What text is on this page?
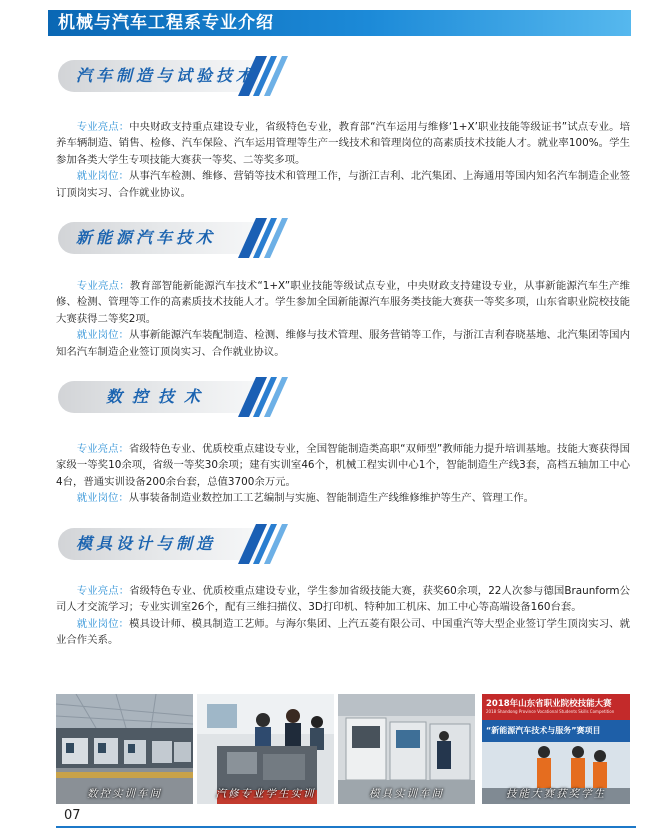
机械与汽车工程系专业介绍
汽车制造与试验技术

专业亮点：中央财政支持重点建设专业，省级特色专业，教育部“汽车运用与维修‘1+X’职业技能等级证书”试点专业。培养车辆制造、销售、检修、汽车保险、汽车运用管理等生产一线技术和管理岗位的高素质技术技能人才。就业率100%。学生参加各类大学生专项技能大赛获一等奖、二等奖多项。

就业岗位：从事汽车检测、维修、营销等技术和管理工作，与浙江吉利、北汽集团、上海通用等国内知名汽车制造企业签订顶岗实习、合作就业协议。

新能源汽车技术

专业亮点：教育部智能新能源汽车技术“1+X”职业技能等级试点专业，中央财政支持建设专业，从事新能源汽车生产维修、检测、管理等工作的高素质技术技能人才。学生参加全国新能源汽车服务类技能大赛获一等奖多项，山东省职业院校技能大赛获得二等奖2项。

就业岗位：从事新能源汽车装配制造、检测、维修与技术管理、服务营销等工作，与浙江吉利春晓基地、北汽集团等国内知名汽车制造企业签订顶岗实习、合作就业协议。

数控技术

专业亮点：省级特色专业、优质校重点建设专业，全国智能制造类高职“双师型”教师能力提升培训基地。技能大赛获得国家级一等奖10余项，省级一等奖30余项；建有实训室46个，机械工程实训中心1个，智能制造生产线3套，高档五轴加工中心4台，普通实训设备200余台套，总值3700余万元。

就业岗位：从事装备制造业数控加工工艺编制与实施、智能制造生产线维修维护等生产、管理工作。

模具设计与制造

专业亮点：省级特色专业、优质校重点建设专业，学生参加省级技能大赛，获奖60余项，22人次参与德国Braunform公司人才交流学习；专业实训室26个，配有三维扫描仪、3D打印机、特种加工机床、加工中心等高端设备160台套。

就业岗位：模具设计师、模具制造工艺师。与海尔集团、上汽五菱有限公司、中国重汽等大型企业签订学生顶岗实习、就业合作关系。

数控实训车间	汽修专业学生实训	模具实训车间
2018年山东省职业院校技能大赛
2018 Shandong Province Vocational Students Skills Competition
“新能源汽车技术与服务”赛项目
技能大赛获奖学生
07
